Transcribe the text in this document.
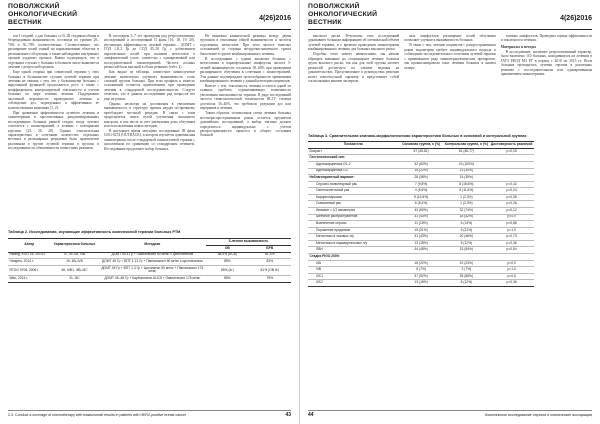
ПОВОЛЖСКИЙ
ОНКОЛОГИЧЕСКИЙ
ВЕСТНИК
4(26)2016

тов I стадией, а для больных со II–III стадиями общая и безрецидивная выживаемость составила по уровню 20–70% и 50–70% соответственно. Соответственно, что расширение полей тонкой на параклоновыми областях и регионального облучения, а также наблюдение внутренних органов ухудшает прогноз. Важно подчеркнуть, что в отдельных случаях у больных в большем числе выявляется лечение с регрессией органов.

Еще одной сторона при совместной терапии у этих больных в большинстве случаев лучевой терапии при лечении не связана с тем, что у большинства больных с нарушенной функцией продолжается рост, а также с коэффициентом контролируемой токсичности и учетом больных по мере течения лечения. Поддержание частичной вероятности проводимого лечения и соблюдение доз, подведенных в эффективных ее количественном значениях [1, 2].

При сравнении эффективности лучевого лечения и химиотерапии в проспективных рандомизированных исследованиях больных ранней стадии, когда лучевое сочетается с химиотерапией, а лечение с повторными курсами [23, 26, 28]. Однако относительная характеристика в сочетании количество отдельных местных и регионарных рецидивов было практически различным в группе лучевой терапии в группах в исследованиях по объективности совместных режимов.

В последнем 5–7 лет проведены ряд ретроспективных исследований и исследований II фазы [16, 18, 19, 20], изучающих эффективность лучевой терапии – ДОМТ с ГОД 1,8–2 Гр до СОД 45–50 Гр, с добавлением параллельных полей при наличии метастазов в лимфатический узлах, совместно с одновременной или последовательной химиотерапией. Частота полных ремиссий была высокой в обоих режимах (табл. 2).

Как видно из таблицы, совместное химиолучевое лечение значительно улучшает выживаемость столь сложной группы больных. При этом профиль и тяжесть осложнений остаются приемлемыми при проведении лечения в стандартной последовательности. Следует отметить, что в данном исследовании ряд вопросов все еще не решен.

Однако, несмотря на достижения в увеличении выживаемости, в структуре причин неудач по-прежнему преобладает местный рецидив. В связи с этим продолжается поиск путей улучшения локального контроля, в том числе за счет увеличения дозы облучения или использования новых методик.

В настоящее время запущено исследование III фазы GOG-0274 (OUTBACK), в котором изучается адъювантная химиотерапия после стандартной химиолучевой терапии с цисплатином по сравнению со стандартным лечением. Исследование продолжает набор больных.

Не выявлено клинической разницы между двумя группами в отношении общей выживаемости и частоты отдаленных метастазов. При этом частота тяжелых осложнений со стороны желудочно-кишечного тракта была выше в группе комбинированного лечения.

В исследовании с одним анализом больных с метастазами в парааортальные лимфоузлы частота 5-летней выживаемости составила 50–60% при проведении расширенного облучения в сочетании с химиотерапией. Эти данные подтверждают целесообразность применения комбинированного лечения у данной категории пациентов.

Вместе с тем, токсичность лечения остается одной из главных проблем, ограничивающих возможность увеличения интенсивности терапии. В ряде исследований частота гематологической токсичности III–IV степени достигала 30–40%, что требовало редукции доз или перерывов в лечении.

Таким образом, оптимальная схема лечения больных местнораспространенным раком остается предметом дальнейших исследований, а выбор тактики должен определяться индивидуально с учетом распространенности процесса и общего состояния больной.

Таблица 2. Исследования, изучающие эффективность комплексной терапии больных РТМ
Автор	Характеристика больных	Методики	5-летняя выживаемость	
			ОВ	БРВ
Hwang, KOG 16, 2014 г.	47, Ib–IIA, IIIB	ДОМТ 50,4 Гр + Паклитаксел 60 мг/м² с цисплатином	85,9% (БСВ)	81,3%
Hangers, 2014 г.	15, IIB–IVB	ДОМТ 45 Гр + ВПТ 1.13 Гр + Паклитаксел 60 мг/м² с цисплатином	85%	83%
RTOG 9708, 2006 г.	46, IVB1, IIIB–IIIC	ДОМТ 45 Гр + ВПТ 1.3 Гр + Цисплатин 50 мг/м² + Паклитаксел 175 мг/м²	85% (4г)	81% (ОВ 4г)
Wen, 2013 г.	31, IIIC	ДОМТ 45–48 Гр + Карбоплатин AUC5 + Паклитаксел 175 мг/м²	85%	79%
2.3. Conduct a coverage of chemotherapy with trastuzumab results in patients with HER2-positive breast cancer	43
ПОВОЛЖСКИЙ
ОНКОЛОГИЧЕСКИЙ
ВЕСТНИК
4(26)2016

высокого риска. Результаты этих исследований доказывают больным информацию об оптимальной объеме лучевой терапии, и о времени проведения химиотерапии комбинированного лечения для больных высокого риска.

Подобно этого ничего невыполнено, мы начали обращать внимание на стационарное лечение больных групп высокого риска, так как для этой группы неответ ремиссий достигнуто по тактике ведения на доказательствах. Представленное в руководствах решение носит консенсусный характер и представляет собой согласованное мнение экспертов.

ных лимфоузлов расширение полей облучения позволяет улучшить выживаемость больных.

В связи с тем, лечение пациентов с распространенным раком эндометрия требует индивидуального подхода и соблюдение последовательного сочетания лучевой терапии с применением ряда химиотерапевтических препаратов, мы проанализировали опыт лечения больных в нашем центре.

тазовых лимфоузлов. Проведена оценка эффективности и токсичности лечения.

Материалы и методы

В исследование, носившее ретроспективный характер, было включено 110 больных, находившихся на лечении в ГАУЗ РКОД МЗ РТ в период с 2010 по 2015 г.г. Всем больным проводилась лучевая терапия в различных режимах с последовательным или одновременным применением химиотерапии.

Таблица 3. Сравнительная клинико-морфологическая характеристика больных в основной и контрольной группах
Показатели	Основная группа, n (%)	Контрольная группа, n (%)	Достоверность различий
Возраст	57 (45-81)	61 (46-77)	p=0,15
Гистологический тип:			
Аденокарцинома G1-2	42 (63%)	43 (100%)	
Аденокарцинома G3	15 (22%)	13 (30%)	
Неблагоприятный вариант:	28 (38%)	15 (35%)	
Серозно-папиллярный рак	7 (9,8%)	8 (18,6%)	p=0,42
Светлоклеточный рак	4 (5,6%)	5 (11,6%)	p=0,24
Карциносаркома	9 (12,6%)	1 (2,3%)	p=0,08
Смешанный рак	6 (8,4%)	1 (2,3%)	p=0,26
Инвазия > 1/2 миометрия	43 (60%)	32 (74%)	p=0,12
Шеечное распространение	31 (43%)	18 (42%)	p=0,9
Вовлечение серозы	11 (15%)	6 (14%)	p=0,86
Поражение придатков	15 (21%)	9 (21%)	p=1,0
Метастазы в тазовых л/у	31 (43%)	20 (46%)	p=0,73
Метастазы в парааортальных л/у	13 (18%)	5 (12%)	p=0,36
ЛВИ	34 (48%)	23 (54%)	p=0,54
Стадия FIGO 2009:			
IIIA	16 (22%)	10 (23%)	p=0,9
IIIB	5 (7%)	3 (7%)	p=1,0
IIIC1	37 (52%)	25 (58%)	p=0,5
IIIC2	13 (18%)	5 (12%)	p=0,36
44	Комплексное исследование опухоли и клинические ассоциации
